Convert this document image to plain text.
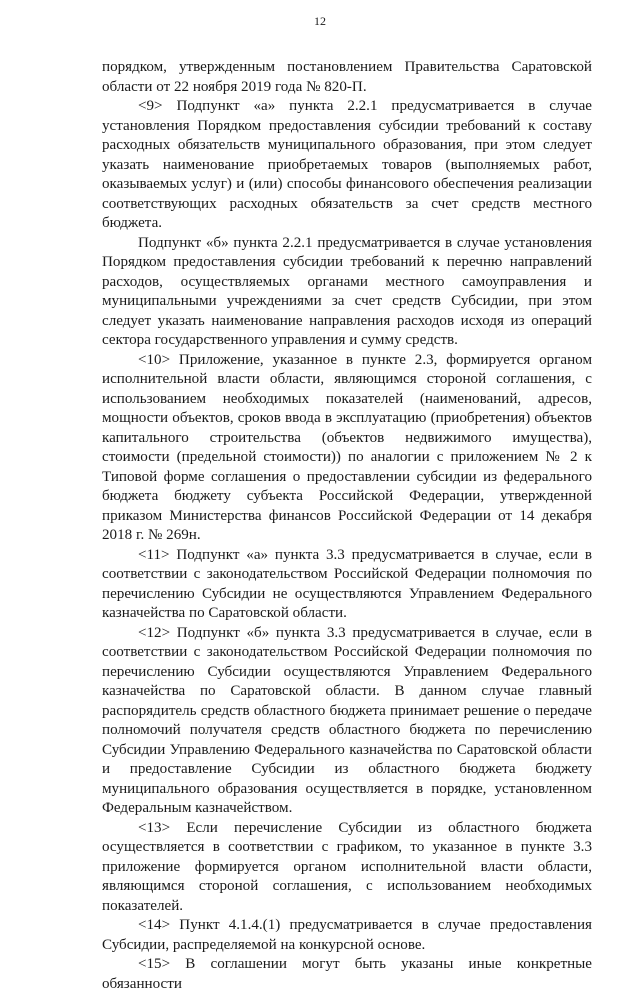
12

порядком, утвержденным постановлением Правительства Саратовской области от 22 ноября 2019 года № 820-П.

<9> Подпункт «а» пункта 2.2.1 предусматривается в случае установления Порядком предоставления субсидии требований к составу расходных обязательств муниципального образования, при этом следует указать наименование приобретаемых товаров (выполняемых работ, оказываемых услуг) и (или) способы финансового обеспечения реализации соответствующих расходных обязательств за счет средств местного бюджета.

Подпункт «б» пункта 2.2.1 предусматривается в случае установления Порядком предоставления субсидии требований к перечню направлений расходов, осуществляемых органами местного самоуправления и муниципальными учреждениями за счет средств Субсидии, при этом следует указать наименование направления расходов исходя из операций сектора государственного управления и сумму средств.

<10> Приложение, указанное в пункте 2.3, формируется органом исполнительной власти области, являющимся стороной соглашения, с использованием необходимых показателей (наименований, адресов, мощности объектов, сроков ввода в эксплуатацию (приобретения) объектов капитального строительства (объектов недвижимого имущества), стоимости (предельной стоимости)) по аналогии с приложением № 2 к Типовой форме соглашения о предоставлении субсидии из федерального бюджета бюджету субъекта Российской Федерации, утвержденной приказом Министерства финансов Российской Федерации от 14 декабря 2018 г. № 269н.

<11> Подпункт «а» пункта 3.3 предусматривается в случае, если в соответствии с законодательством Российской Федерации полномочия по перечислению Субсидии не осуществляются Управлением Федерального казначейства по Саратовской области.

<12> Подпункт «б» пункта 3.3 предусматривается в случае, если в соответствии с законодательством Российской Федерации полномочия по перечислению Субсидии осуществляются Управлением Федерального казначейства по Саратовской области. В данном случае главный распорядитель средств областного бюджета принимает решение о передаче полномочий получателя средств областного бюджета по перечислению Субсидии Управлению Федерального казначейства по Саратовской области и предоставление Субсидии из областного бюджета бюджету муниципального образования осуществляется в порядке, установленном Федеральным казначейством.

<13> Если перечисление Субсидии из областного бюджета осуществляется в соответствии с графиком, то указанное в пункте 3.3 приложение формируется органом исполнительной власти области, являющимся стороной соглашения, с использованием необходимых показателей.

<14> Пункт 4.1.4.(1) предусматривается в случае предоставления Субсидии, распределяемой на конкурсной основе.

<15> В соглашении могут быть указаны иные конкретные обязанности
